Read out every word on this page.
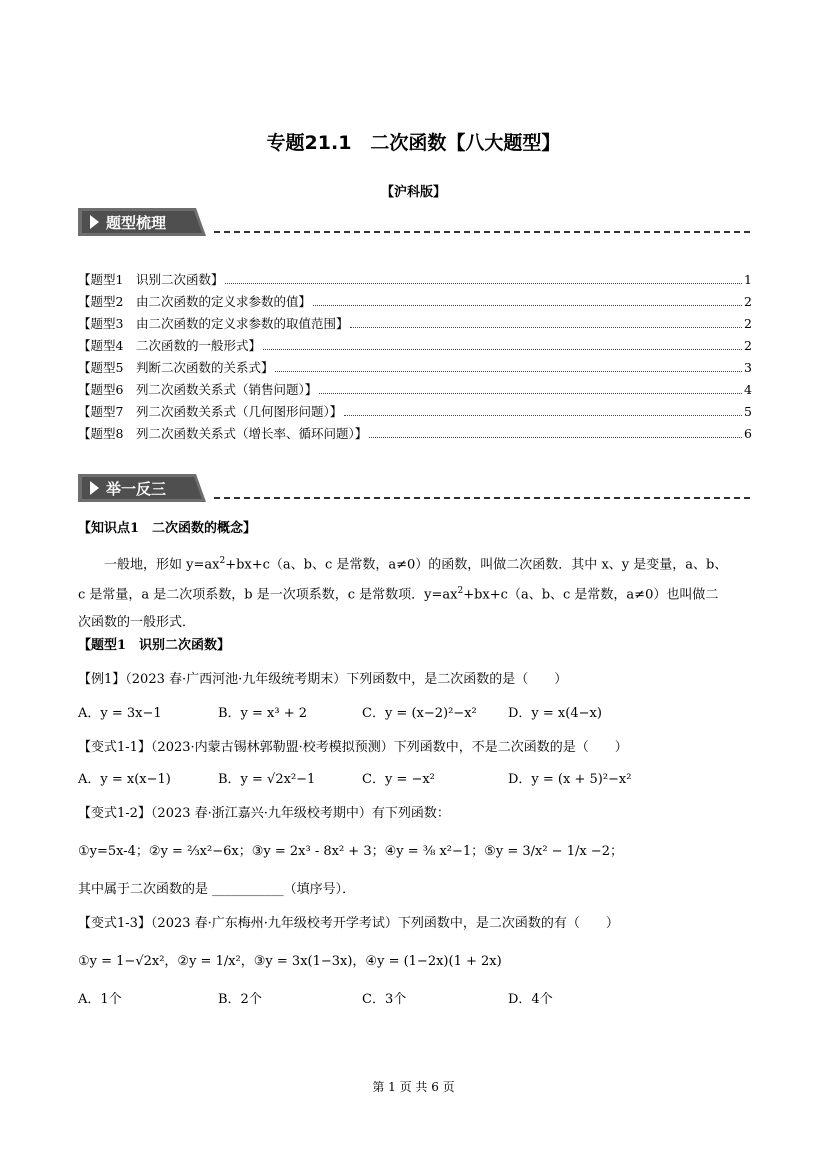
专题21.1　二次函数【八大题型】
【沪科版】
题型梳理
【题型1　识别二次函数】	1
【题型2　由二次函数的定义求参数的值】	2
【题型3　由二次函数的定义求参数的取值范围】	2
【题型4　二次函数的一般形式】	2
【题型5　判断二次函数的关系式】	3
【题型6　列二次函数关系式（销售问题）】	4
【题型7　列二次函数关系式（几何图形问题）】	5
【题型8　列二次函数关系式（增长率、循环问题）】	6
举一反三
【知识点1　二次函数的概念】

一般地，形如 $y=ax^2+bx+c(a$、b、c 是常数，a≠0）的函数，叫做二次函数．其中 x、y 是变量，a、b、

c 是常量，a 是二次项系数，b 是一次项系数，c 是常数项．$y=ax^2+bx+c(a$、b、c 是常数，a≠0）也叫做二

次函数的一般形式．

【题型1　识别二次函数】
【例1】（2023 春·广西河池·九年级统考期末）下列函数中，是二次函数的是（　　）
A．y = 3x−1	B．y = x³ + 2	C．y = (x−2)²−x² D．y = x(4−x)
【变式1-1】（2023·内蒙古锡林郭勒盟·校考模拟预测）下列函数中，不是二次函数的是（　　）
A．y = x(x−1)	B．y = √2x²−1	C．y = −x²	D．y = (x + 5)²−x²
【变式1-2】（2023 春·浙江嘉兴·九年级校考期中）有下列函数：
①y=5x-4；②y = ⅔x²−6x；③y = 2x³ - 8x² + 3；④y = ⅜ x²−1；⑤y = 3/x² − 1/x −2；
其中属于二次函数的是 ___________（填序号）．
【变式1-3】（2023 春·广东梅州·九年级校考开学考试）下列函数中，是二次函数的有（　　）
①y = 1−√2x²，②y = 1/x²，③y = 3x(1−3x)，④y = (1−2x)(1 + 2x)
A．1个	B．2个	C．3个	D．4个
第 1 页 共 6 页
